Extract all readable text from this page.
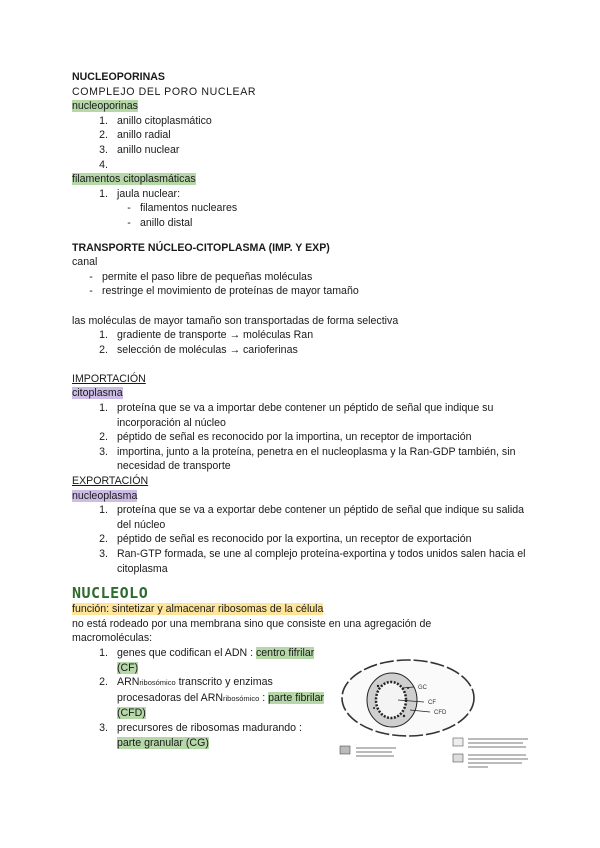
NUCLEOPORINAS
COMPLEJO DEL PORO NUCLEAR
nucleoporinas
1. anillo citoplasmático
2. anillo radial
3. anillo nuclear
4.
filamentos citoplasmáticas
1. jaula nuclear:
- filamentos nucleares
- anillo distal
TRANSPORTE NÚCLEO-CITOPLASMA (IMP. Y EXP)
canal
- permite el paso libre de pequeñas moléculas
- restringe el movimiento de proteínas de mayor tamaño
las moléculas de mayor tamaño son transportadas de forma selectiva
1. gradiente de transporte → moléculas Ran
2. selección de moléculas → carioferinas
IMPORTACIÓN
citoplasma
1. proteína que se va a importar debe contener un péptido de señal que indique su incorporación al núcleo
2. péptido de señal es reconocido por la importina, un receptor de importación
3. importina, junto a la proteína, penetra en el nucleoplasma y la Ran-GDP también, sin necesidad de transporte
EXPORTACIÓN
nucleoplasma
1. proteína que se va a exportar debe contener un péptido de señal que indique su salida del núcleo
2. péptido de señal es reconocido por la exportina, un receptor de exportación
3. Ran-GTP formada, se une al complejo proteína-exportina y todos unidos salen hacia el citoplasma
NUCLEOLO
función: sintetizar y almacenar ribosomas de la célula
no está rodeado por una membrana sino que consiste en una agregación de macromoléculas:
1. genes que codifican el ADN : centro fifrilar (CF)
2. ARNribosómico transcrito y enzimas procesadoras del ARNribosómico : parte fibrilar (CFD)
3. precursores de ribosomas madurando : parte granular (CG)
GC
CF
CFD
